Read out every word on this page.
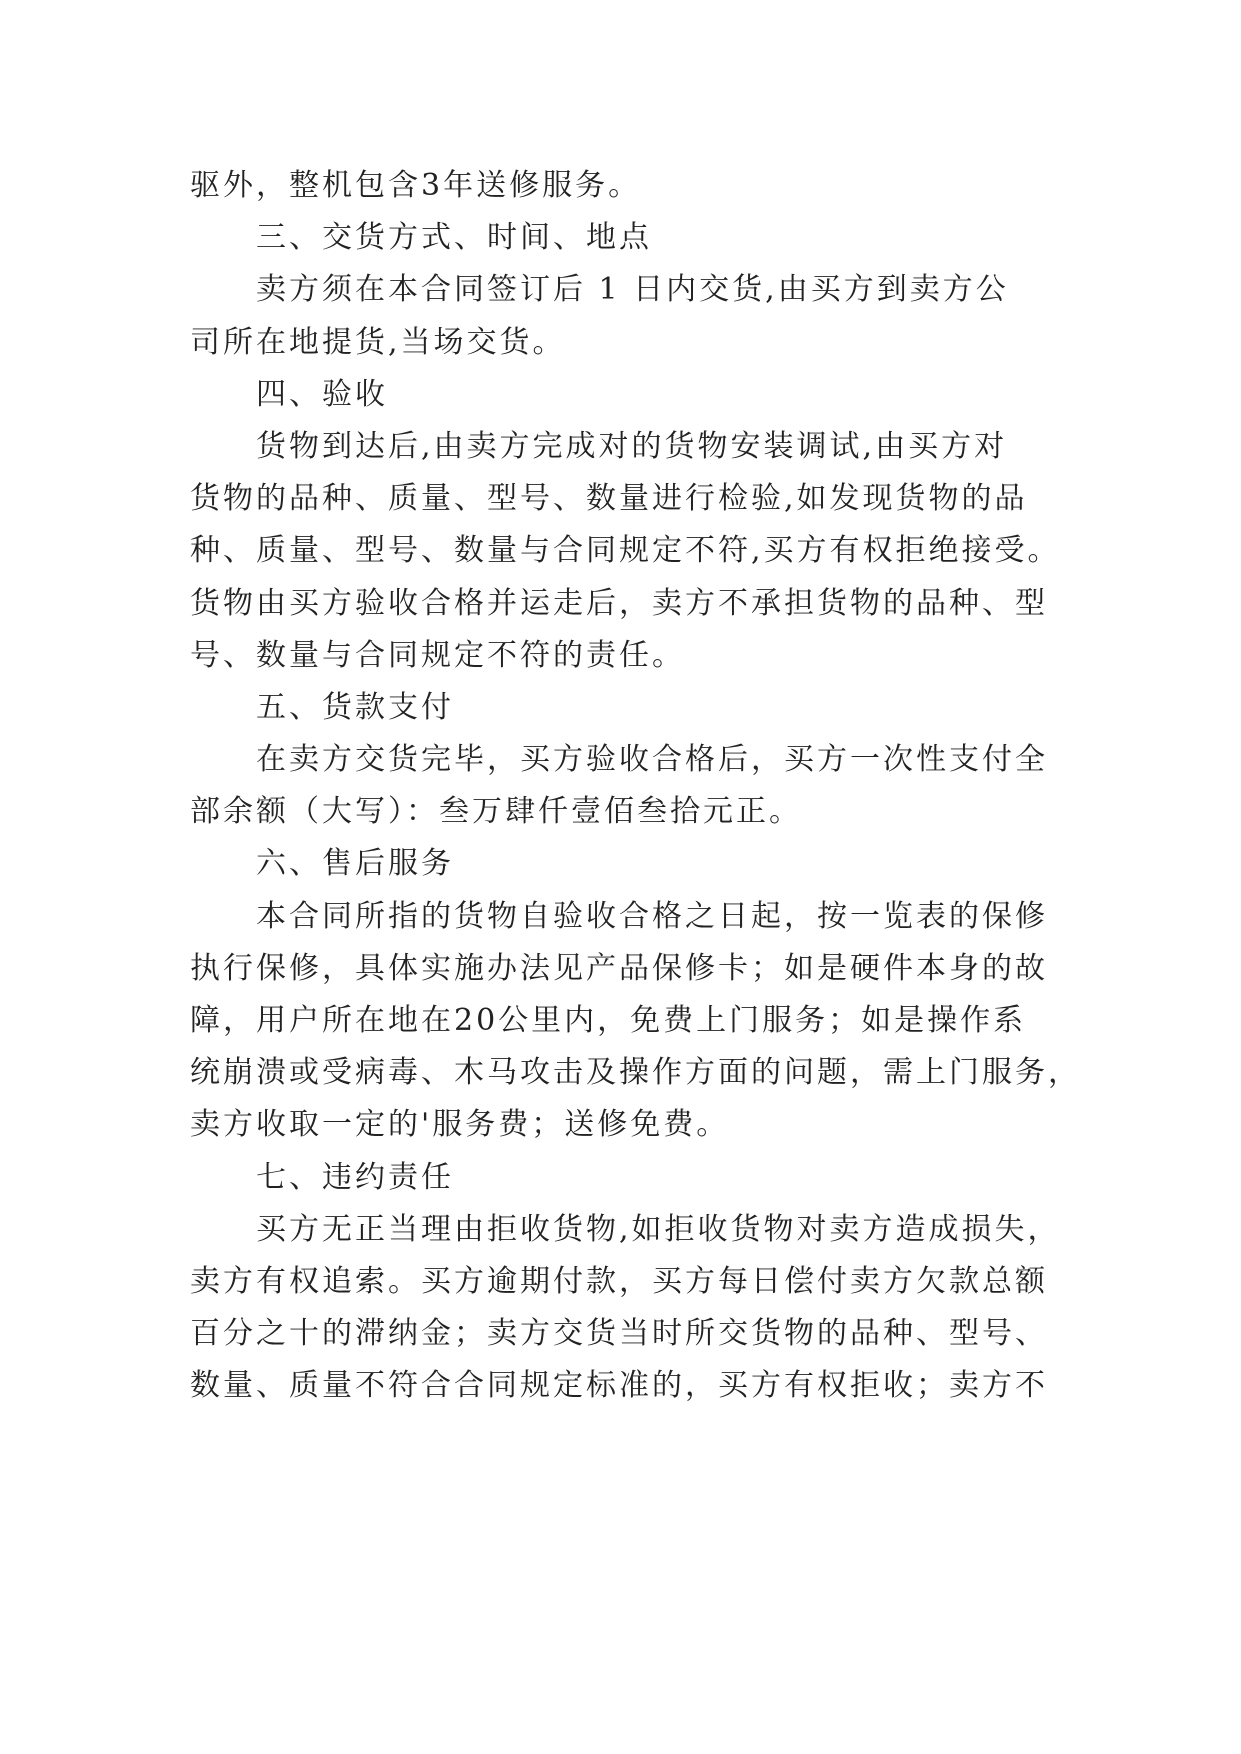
驱外，整机包含3年送修服务。
三、交货方式、时间、地点
卖方须在本合同签订后 1 日内交货,由买方到卖方公
司所在地提货,当场交货。
四、验收
货物到达后,由卖方完成对的货物安装调试,由买方对
货物的品种、质量、型号、数量进行检验,如发现货物的品
种、质量、型号、数量与合同规定不符,买方有权拒绝接受。
货物由买方验收合格并运走后，卖方不承担货物的品种、型
号、数量与合同规定不符的责任。
五、货款支付
在卖方交货完毕，买方验收合格后，买方一次性支付全
部余额（大写）：叁万肆仟壹佰叁拾元正。
六、售后服务
本合同所指的货物自验收合格之日起，按一览表的保修
执行保修，具体实施办法见产品保修卡；如是硬件本身的故
障，用户所在地在20公里内，免费上门服务；如是操作系
统崩溃或受病毒、木马攻击及操作方面的问题，需上门服务，
卖方收取一定的'服务费；送修免费。
七、违约责任
买方无正当理由拒收货物,如拒收货物对卖方造成损失，
卖方有权追索。买方逾期付款，买方每日偿付卖方欠款总额
百分之十的滞纳金；卖方交货当时所交货物的品种、型号、
数量、质量不符合合同规定标准的，买方有权拒收；卖方不
